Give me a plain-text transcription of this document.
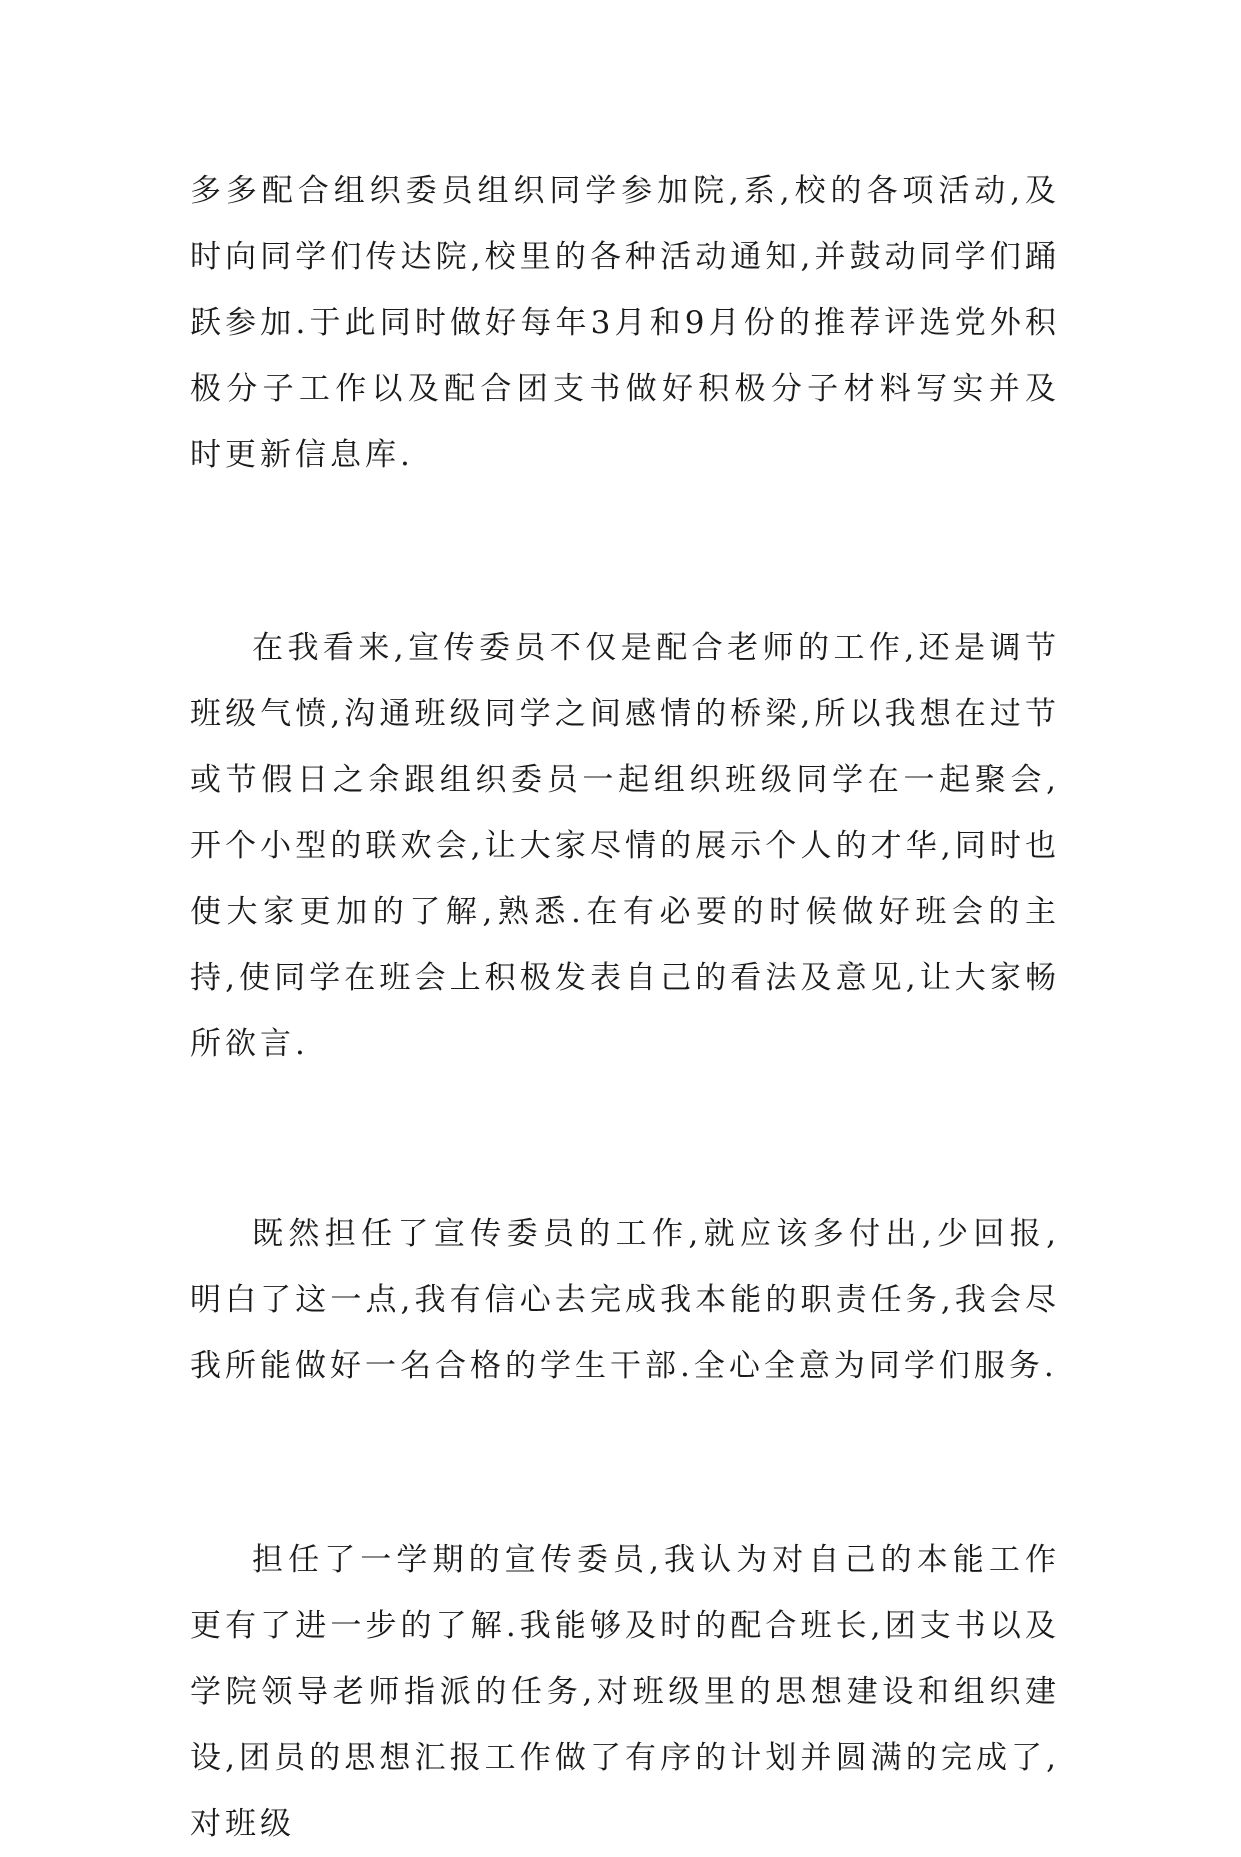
多多配合组织委员组织同学参加院,系,校的各项活动,及时向同学们传达院,校里的各种活动通知,并鼓动同学们踊跃参加.于此同时做好每年3月和9月份的推荐评选党外积极分子工作以及配合团支书做好积极分子材料写实并及时更新信息库.

在我看来,宣传委员不仅是配合老师的工作,还是调节班级气愤,沟通班级同学之间感情的桥梁,所以我想在过节或节假日之余跟组织委员一起组织班级同学在一起聚会,开个小型的联欢会,让大家尽情的展示个人的才华,同时也使大家更加的了解,熟悉.在有必要的时候做好班会的主持,使同学在班会上积极发表自己的看法及意见,让大家畅所欲言.

既然担任了宣传委员的工作,就应该多付出,少回报,明白了这一点,我有信心去完成我本能的职责任务,我会尽我所能做好一名合格的学生干部.全心全意为同学们服务.

担任了一学期的宣传委员,我认为对自己的本能工作更有了进一步的了解.我能够及时的配合班长,团支书以及学院领导老师指派的任务,对班级里的思想建设和组织建设,团员的思想汇报工作做了有序的计划并圆满的完成了,对班级
